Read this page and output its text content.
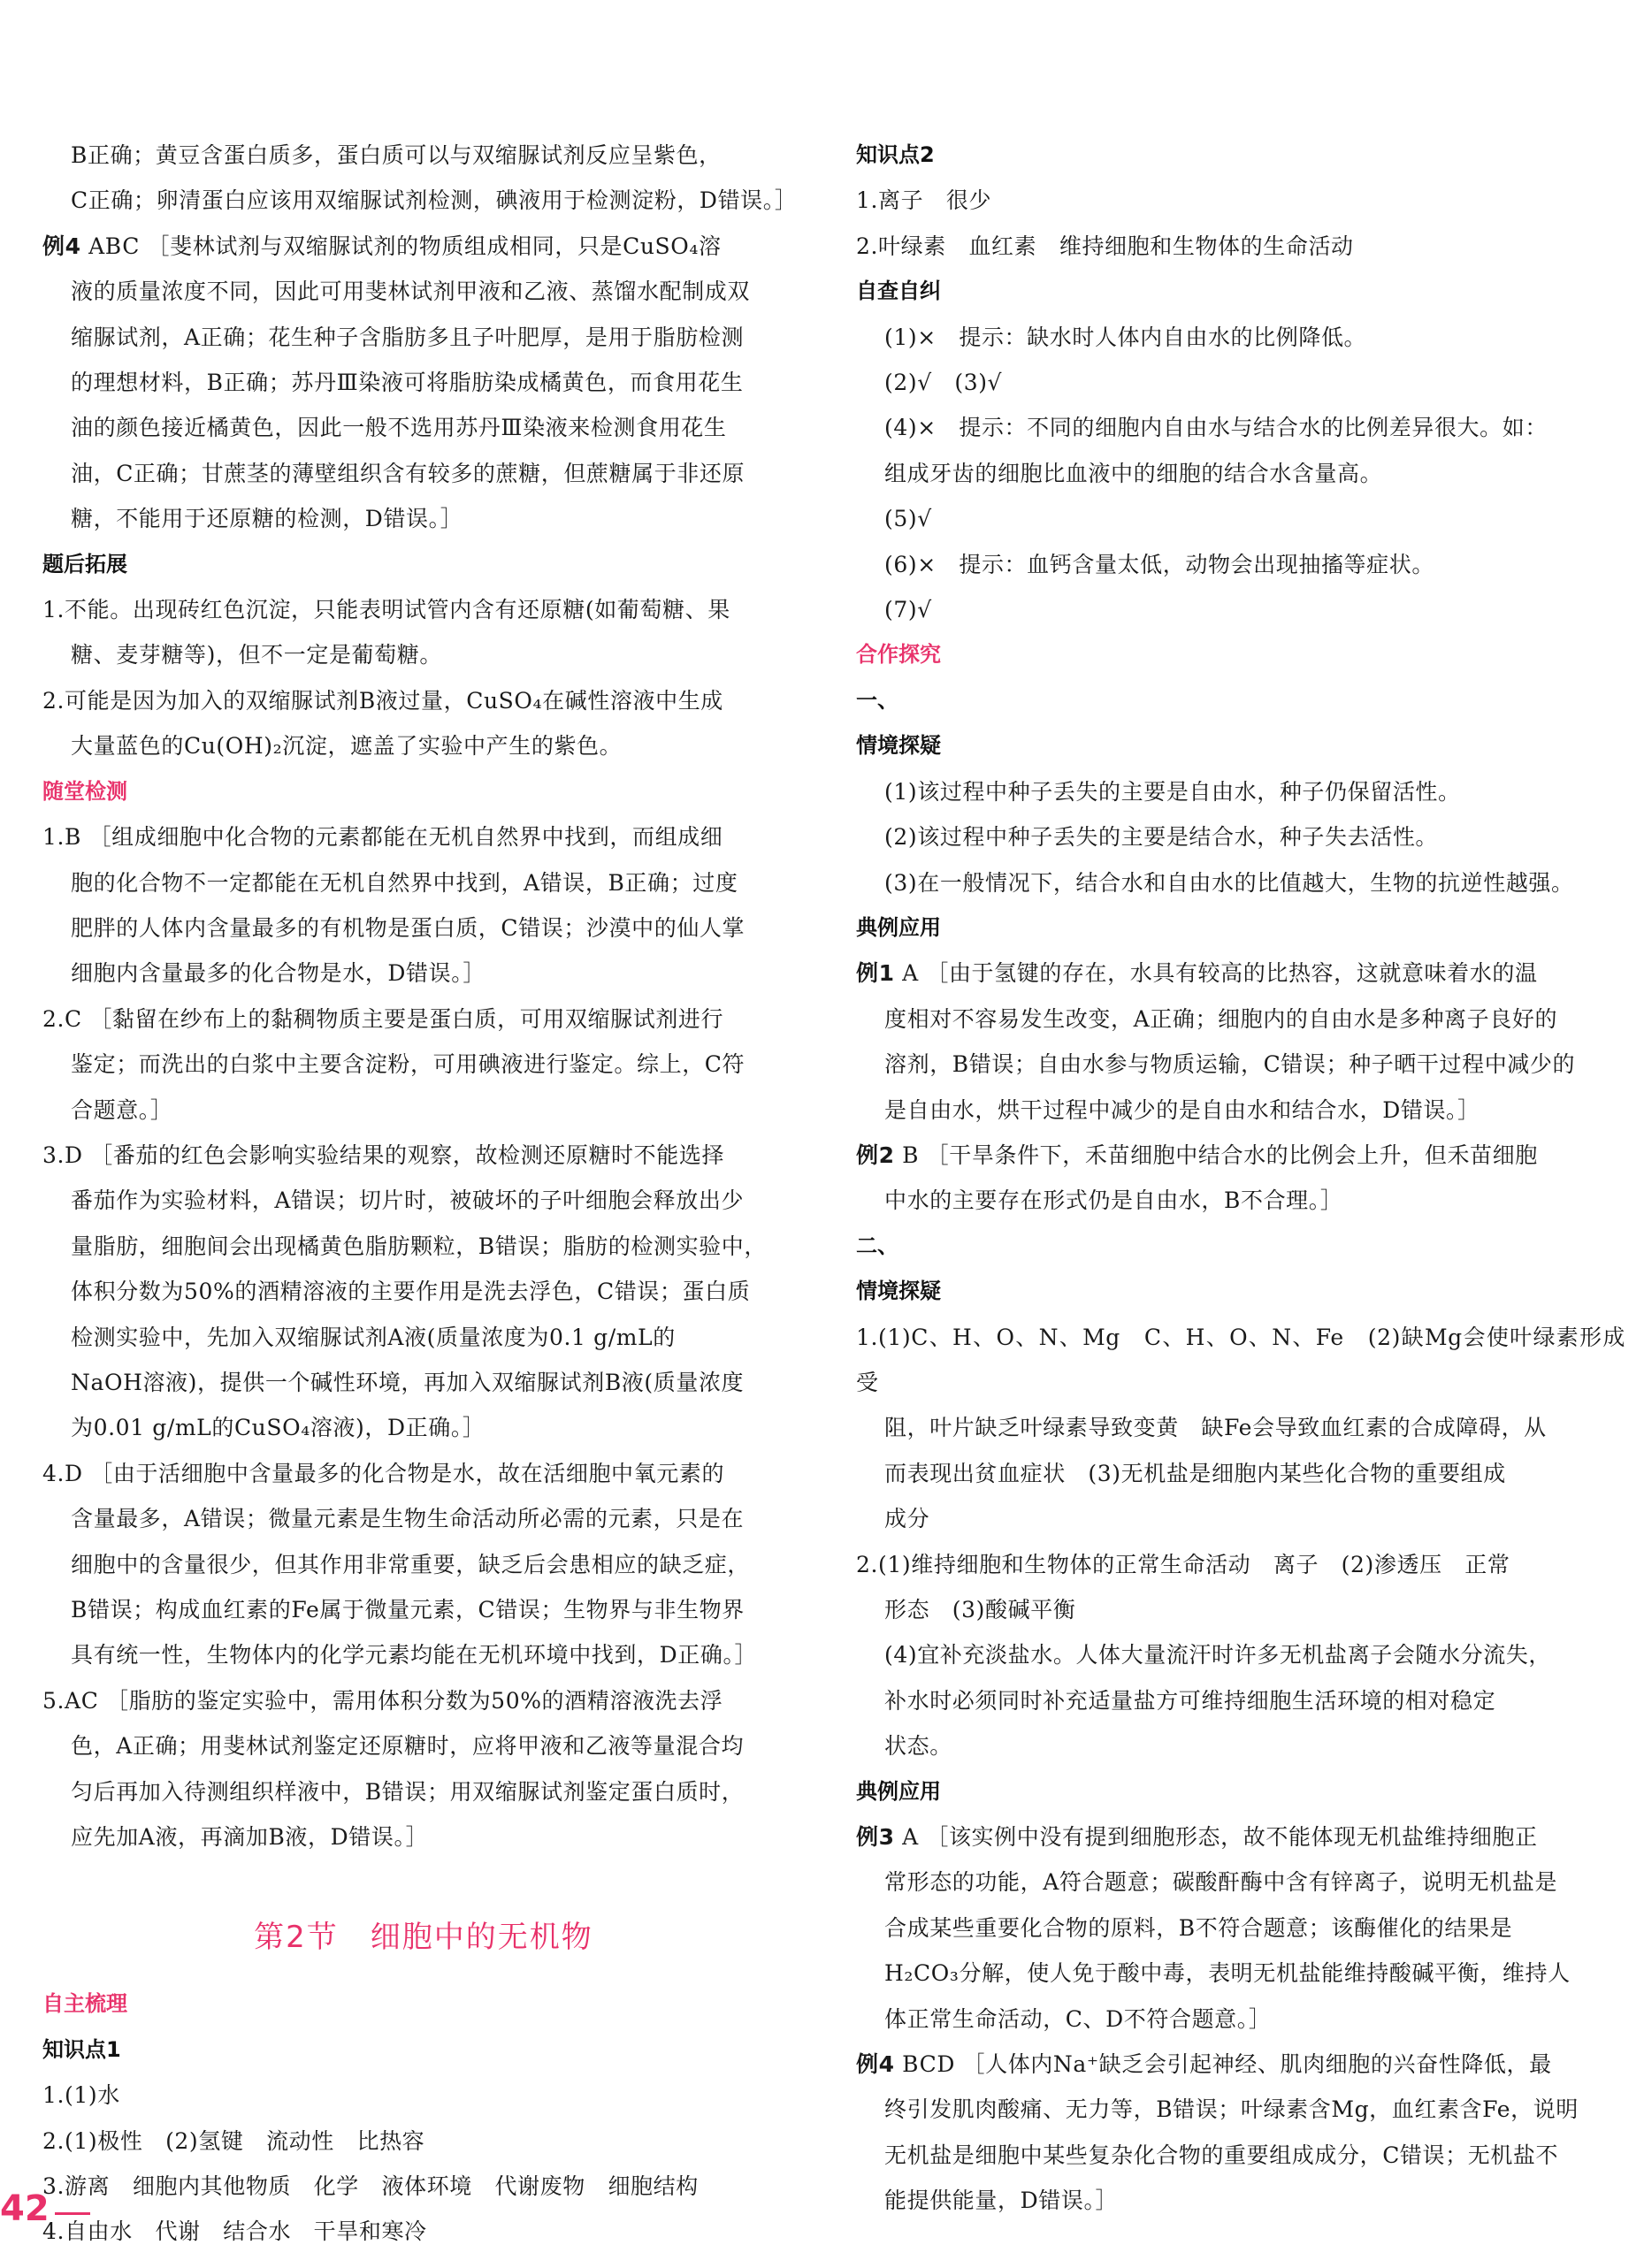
B正确；黄豆含蛋白质多，蛋白质可以与双缩脲试剂反应呈紫色，

C正确；卵清蛋白应该用双缩脲试剂检测，碘液用于检测淀粉，D错误。］

例4 ABC ［斐林试剂与双缩脲试剂的物质组成相同，只是CuSO₄溶

液的质量浓度不同，因此可用斐林试剂甲液和乙液、蒸馏水配制成双

缩脲试剂，A正确；花生种子含脂肪多且子叶肥厚，是用于脂肪检测

的理想材料，B正确；苏丹Ⅲ染液可将脂肪染成橘黄色，而食用花生

油的颜色接近橘黄色，因此一般不选用苏丹Ⅲ染液来检测食用花生

油，C正确；甘蔗茎的薄壁组织含有较多的蔗糖，但蔗糖属于非还原

糖，不能用于还原糖的检测，D错误。］

题后拓展

1.不能。出现砖红色沉淀，只能表明试管内含有还原糖(如葡萄糖、果

糖、麦芽糖等)，但不一定是葡萄糖。

2.可能是因为加入的双缩脲试剂B液过量，CuSO₄在碱性溶液中生成

大量蓝色的Cu(OH)₂沉淀，遮盖了实验中产生的紫色。

随堂检测

1.B ［组成细胞中化合物的元素都能在无机自然界中找到，而组成细

胞的化合物不一定都能在无机自然界中找到，A错误，B正确；过度

肥胖的人体内含量最多的有机物是蛋白质，C错误；沙漠中的仙人掌

细胞内含量最多的化合物是水，D错误。］

2.C ［黏留在纱布上的黏稠物质主要是蛋白质，可用双缩脲试剂进行

鉴定；而洗出的白浆中主要含淀粉，可用碘液进行鉴定。综上，C符

合题意。］

3.D ［番茄的红色会影响实验结果的观察，故检测还原糖时不能选择

番茄作为实验材料，A错误；切片时，被破坏的子叶细胞会释放出少

量脂肪，细胞间会出现橘黄色脂肪颗粒，B错误；脂肪的检测实验中，

体积分数为50%的酒精溶液的主要作用是洗去浮色，C错误；蛋白质

检测实验中，先加入双缩脲试剂A液(质量浓度为0.1 g/mL的

NaOH溶液)，提供一个碱性环境，再加入双缩脲试剂B液(质量浓度

为0.01 g/mL的CuSO₄溶液)，D正确。］

4.D ［由于活细胞中含量最多的化合物是水，故在活细胞中氧元素的

含量最多，A错误；微量元素是生物生命活动所必需的元素，只是在

细胞中的含量很少，但其作用非常重要，缺乏后会患相应的缺乏症，

B错误；构成血红素的Fe属于微量元素，C错误；生物界与非生物界

具有统一性，生物体内的化学元素均能在无机环境中找到，D正确。］

5.AC ［脂肪的鉴定实验中，需用体积分数为50%的酒精溶液洗去浮

色，A正确；用斐林试剂鉴定还原糖时，应将甲液和乙液等量混合均

匀后再加入待测组织样液中，B错误；用双缩脲试剂鉴定蛋白质时，

应先加A液，再滴加B液，D错误。］

第2节　细胞中的无机物
自主梳理
知识点1

1.(1)水

2.(1)极性　(2)氢键　流动性　比热容

3.游离　细胞内其他物质　化学　液体环境　代谢废物　细胞结构

4.自由水　代谢　结合水　干旱和寒冷

知识点2

1.离子　很少

2.叶绿素　血红素　维持细胞和生物体的生命活动

自查自纠

(1)×　提示：缺水时人体内自由水的比例降低。

(2)√　(3)√

(4)×　提示：不同的细胞内自由水与结合水的比例差异很大。如：

组成牙齿的细胞比血液中的细胞的结合水含量高。

(5)√

(6)×　提示：血钙含量太低，动物会出现抽搐等症状。

(7)√

合作探究
一、
情境探疑

(1)该过程中种子丢失的主要是自由水，种子仍保留活性。

(2)该过程中种子丢失的主要是结合水，种子失去活性。

(3)在一般情况下，结合水和自由水的比值越大，生物的抗逆性越强。

典例应用

例1 A ［由于氢键的存在，水具有较高的比热容，这就意味着水的温

度相对不容易发生改变，A正确；细胞内的自由水是多种离子良好的

溶剂，B错误；自由水参与物质运输，C错误；种子晒干过程中减少的

是自由水，烘干过程中减少的是自由水和结合水，D错误。］

例2 B ［干旱条件下，禾苗细胞中结合水的比例会上升，但禾苗细胞

中水的主要存在形式仍是自由水，B不合理。］

二、
情境探疑

1.(1)C、H、O、N、Mg　C、H、O、N、Fe　(2)缺Mg会使叶绿素形成受

阻，叶片缺乏叶绿素导致变黄　缺Fe会导致血红素的合成障碍，从

而表现出贫血症状　(3)无机盐是细胞内某些化合物的重要组成

成分

2.(1)维持细胞和生物体的正常生命活动　离子　(2)渗透压　正常

形态　(3)酸碱平衡

(4)宜补充淡盐水。人体大量流汗时许多无机盐离子会随水分流失，

补水时必须同时补充适量盐方可维持细胞生活环境的相对稳定

状态。

典例应用

例3 A ［该实例中没有提到细胞形态，故不能体现无机盐维持细胞正

常形态的功能，A符合题意；碳酸酐酶中含有锌离子，说明无机盐是

合成某些重要化合物的原料，B不符合题意；该酶催化的结果是

H₂CO₃分解，使人免于酸中毒，表明无机盐能维持酸碱平衡，维持人

体正常生命活动，C、D不符合题意。］

例4 BCD ［人体内Na⁺缺乏会引起神经、肌肉细胞的兴奋性降低，最

终引发肌肉酸痛、无力等，B错误；叶绿素含Mg，血红素含Fe，说明

无机盐是细胞中某些复杂化合物的重要组成成分，C错误；无机盐不

能提供能量，D错误。］

42
